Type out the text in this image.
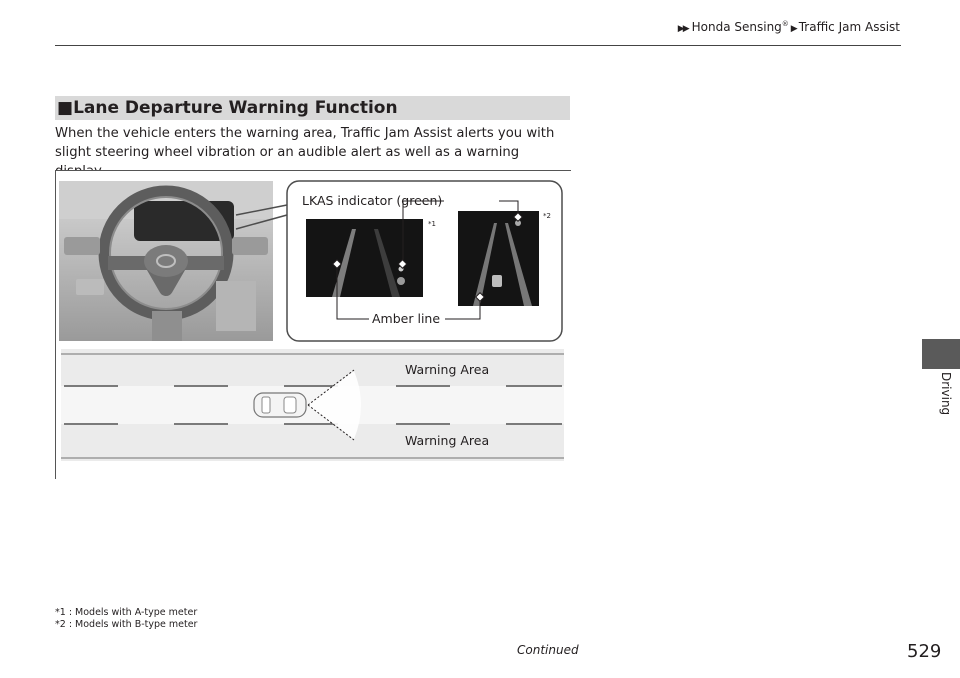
▶▶ Honda Sensing® ▶ Traffic Jam Assist
Driving
■Lane Departure Warning Function
When the vehicle enters the warning area, Traffic Jam Assist alerts you with slight steering wheel vibration or an audible alert as well as a warning
*1
*2
LKAS indicator (green)
Amber line
Warning Area
Warning Area
*1 : Models with A-type meter
*2 : Models with B-type meter
Continued	529
